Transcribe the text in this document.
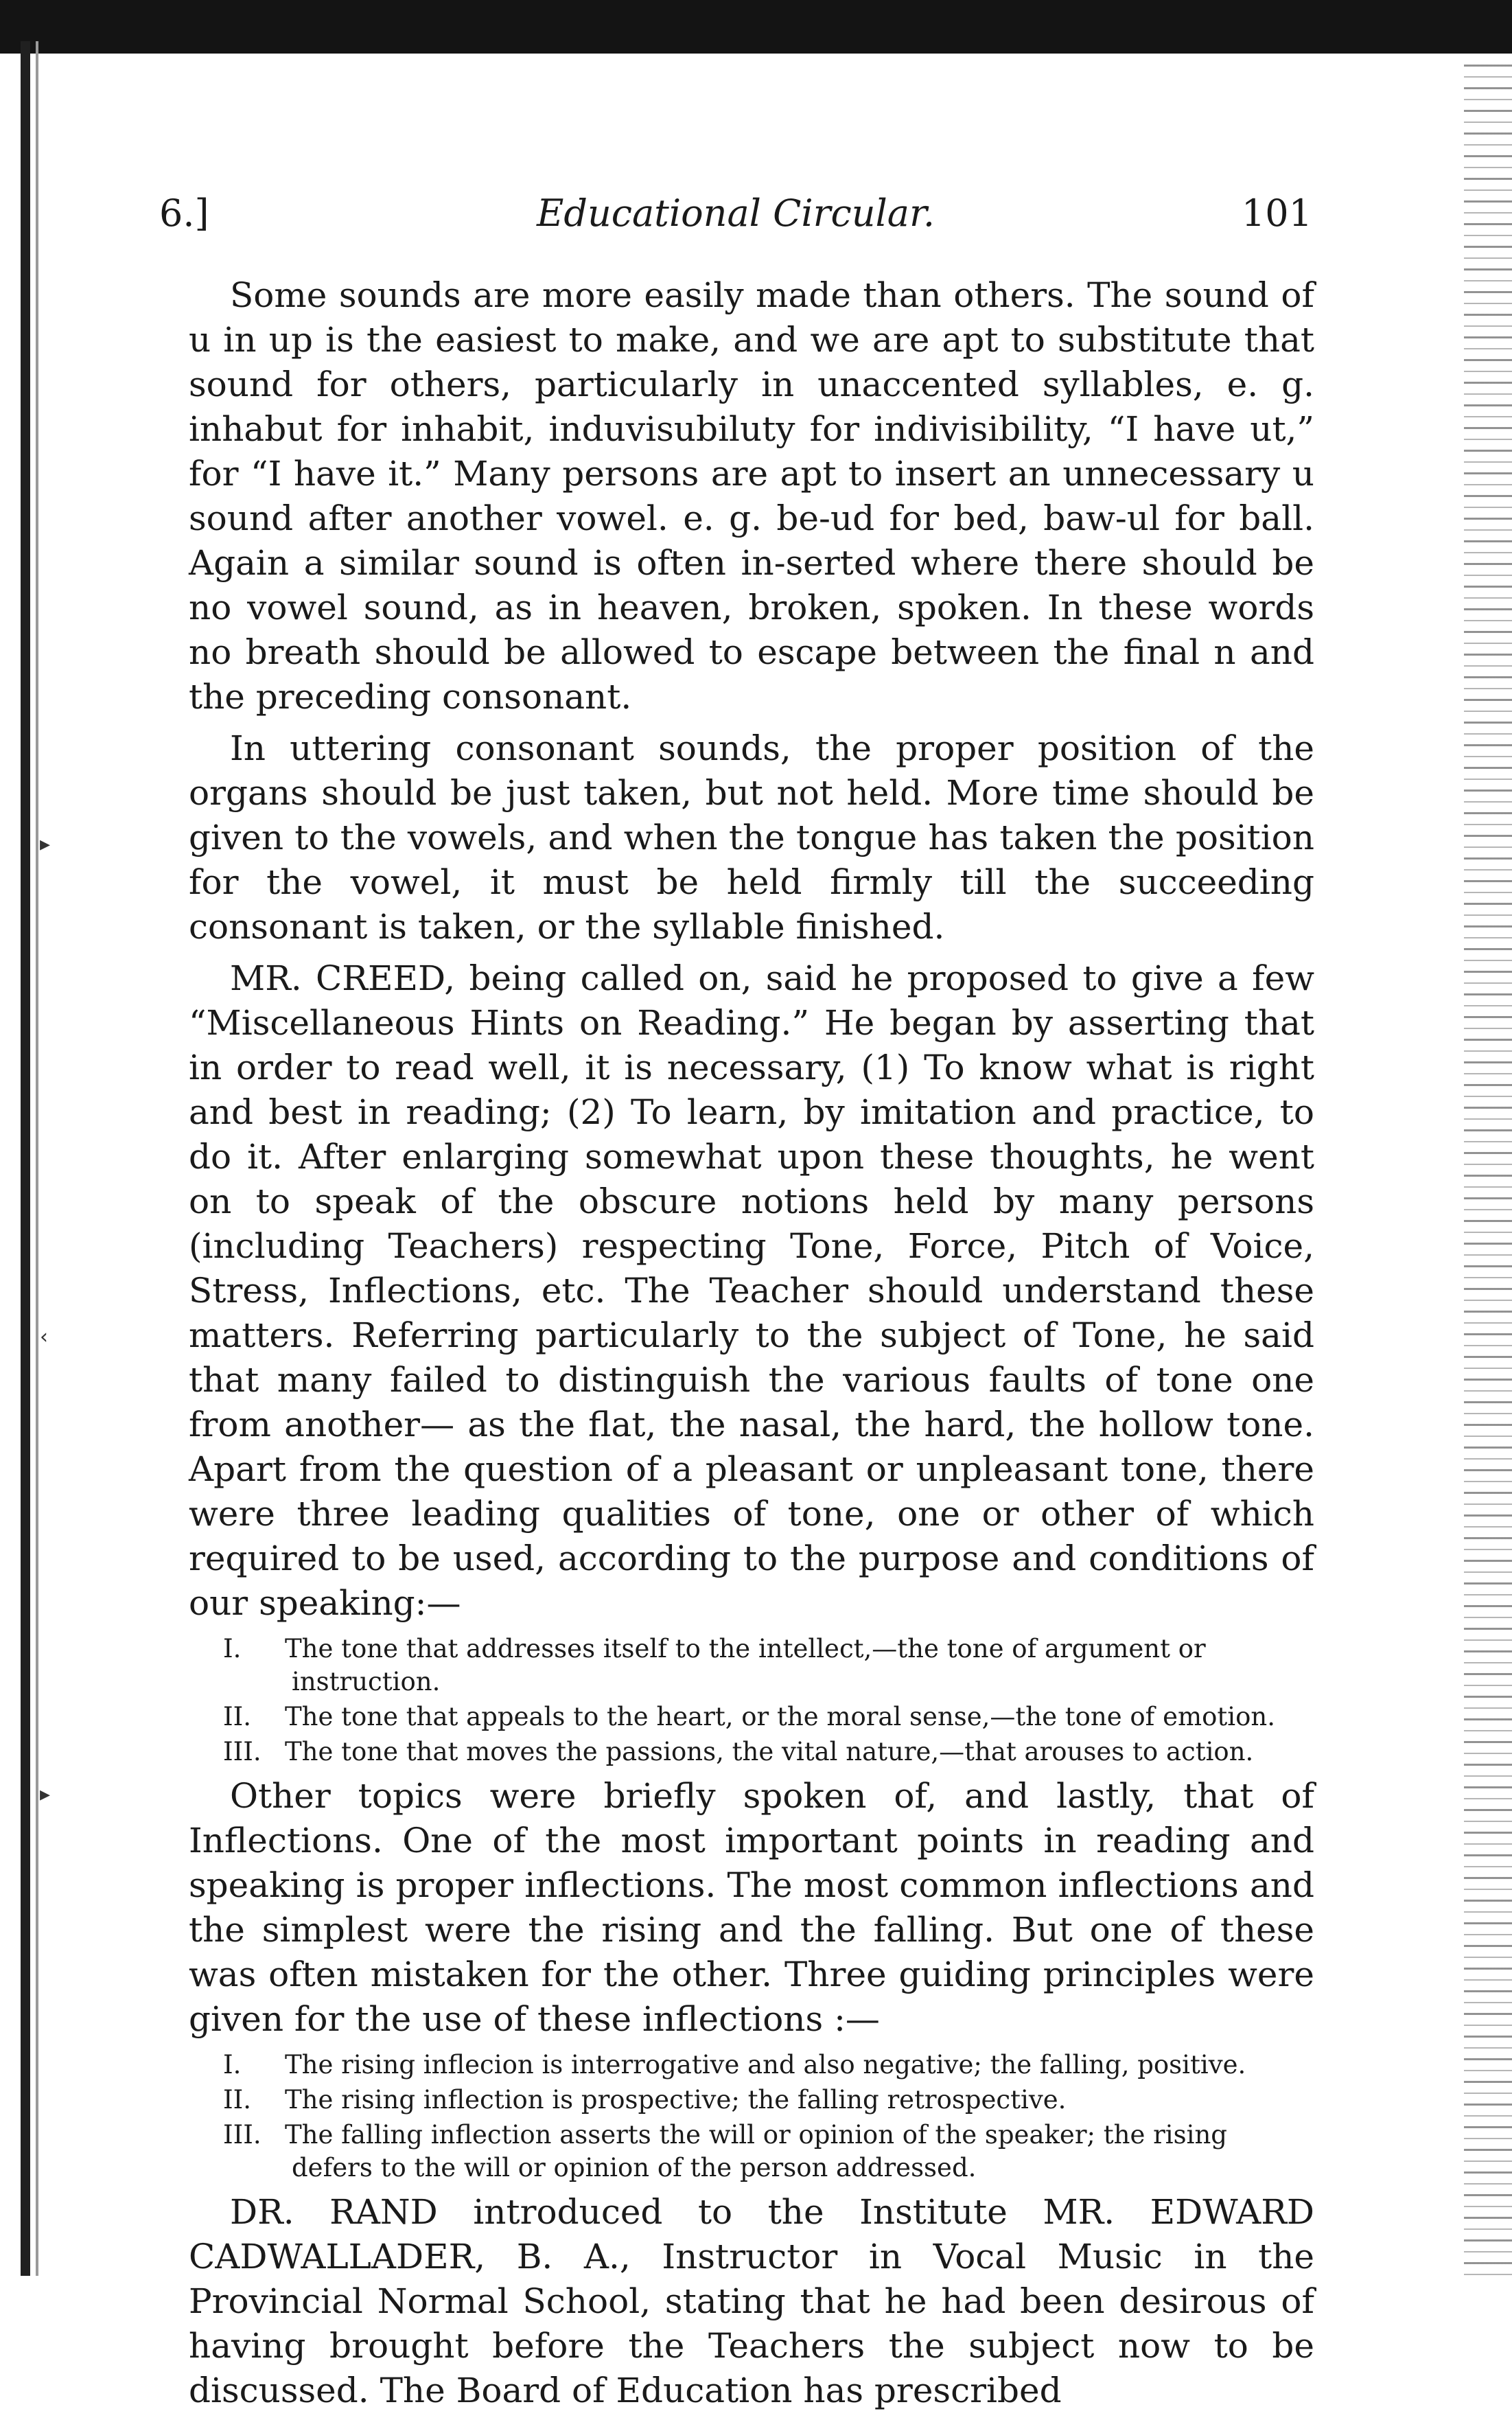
▸
‹
▸
6.]	Educational Circular.	101

Some sounds are more easily made than others. The sound of u in up is the easiest to make, and we are apt to substitute that sound for others, particularly in unaccented syllables, e. g. inhabut for inhabit, induvisubiluty for indivisibility, “I have ut,” for “I have it.” Many persons are apt to insert an unnecessary u sound after another vowel. e. g. be-ud for bed, baw-ul for ball. Again a similar sound is often in-serted where there should be no vowel sound, as in heaven, broken, spoken. In these words no breath should be allowed to escape between the final n and the preceding consonant.

In uttering consonant sounds, the proper position of the organs should be just taken, but not held. More time should be given to the vowels, and when the tongue has taken the position for the vowel, it must be held firmly till the succeeding consonant is taken, or the syllable finished.

MR. CREED, being called on, said he proposed to give a few “Miscellaneous Hints on Reading.” He began by asserting that in order to read well, it is necessary, (1) To know what is right and best in reading; (2) To learn, by imitation and practice, to do it. After enlarging somewhat upon these thoughts, he went on to speak of the obscure notions held by many persons (including Teachers) respecting Tone, Force, Pitch of Voice, Stress, Inflections, etc. The Teacher should understand these matters. Referring particularly to the subject of Tone, he said that many failed to distinguish the various faults of tone one from another— as the flat, the nasal, the hard, the hollow tone. Apart from the question of a pleasant or unpleasant tone, there were three leading qualities of tone, one or other of which required to be used, according to the purpose and conditions of our speaking:—

I. The tone that addresses itself to the intellect,—the tone of argument or instruction.
II. The tone that appeals to the heart, or the moral sense,—the tone of emotion.
III. The tone that moves the passions, the vital nature,—that arouses to action.

Other topics were briefly spoken of, and lastly, that of Inflections. One of the most important points in reading and speaking is proper inflections. The most common inflections and the simplest were the rising and the falling. But one of these was often mistaken for the other. Three guiding principles were given for the use of these inflections :—

I. The rising inflecion is interrogative and also negative; the falling, positive.
II. The rising inflection is prospective; the falling retrospective.
III. The falling inflection asserts the will or opinion of the speaker; the rising defers to the will or opinion of the person addressed.

DR. RAND introduced to the Institute MR. EDWARD CADWALLADER, B. A., Instructor in Vocal Music in the Provincial Normal School, stating that he had been desirous of having brought before the Teachers the subject now to be discussed. The Board of Education has prescribed
